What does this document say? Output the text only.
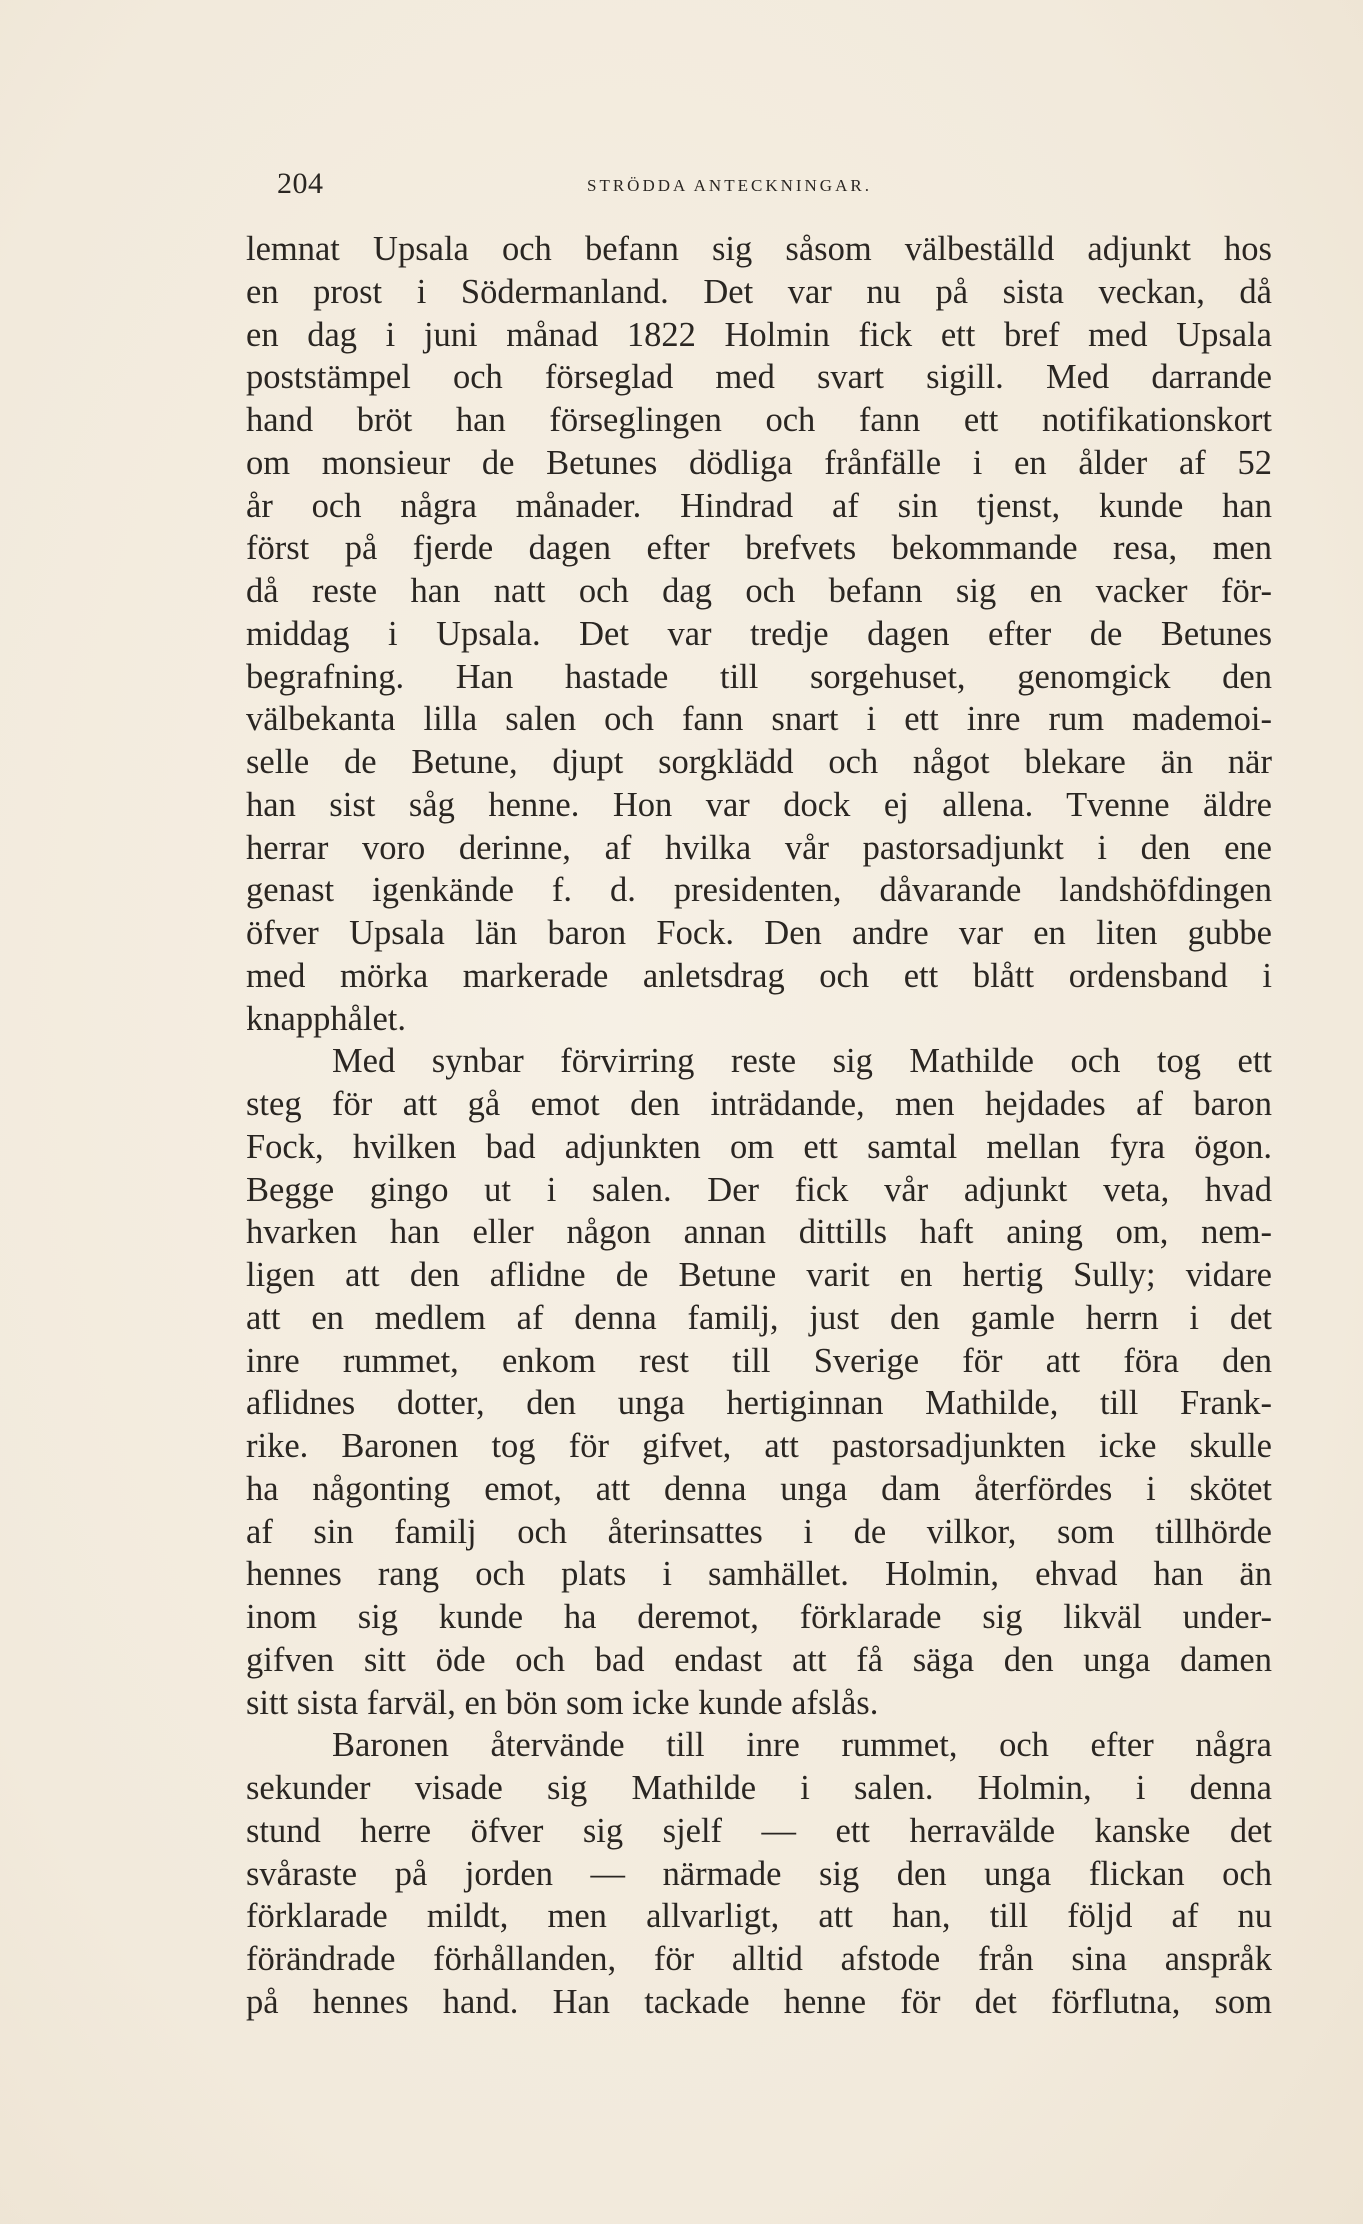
204	STRÖDDA ANTECKNINGAR.
lemnat Upsala och befann sig såsom välbeställd adjunkt hos
en prost i Södermanland. Det var nu på sista veckan, då
en dag i juni månad 1822 Holmin fick ett bref med Upsala
poststämpel och förseglad med svart sigill. Med darrande
hand bröt han förseglingen och fann ett notifikationskort
om monsieur de Betunes dödliga frånfälle i en ålder af 52
år och några månader. Hindrad af sin tjenst, kunde han
först på fjerde dagen efter brefvets bekommande resa, men
då reste han natt och dag och befann sig en vacker för-
middag i Upsala. Det var tredje dagen efter de Betunes
begrafning. Han hastade till sorgehuset, genomgick den
välbekanta lilla salen och fann snart i ett inre rum mademoi-
selle de Betune, djupt sorgklädd och något blekare än när
han sist såg henne. Hon var dock ej allena. Tvenne äldre
herrar voro derinne, af hvilka vår pastorsadjunkt i den ene
genast igenkände f. d. presidenten, dåvarande landshöfdingen
öfver Upsala län baron Fock. Den andre var en liten gubbe
med mörka markerade anletsdrag och ett blått ordensband i
knapphålet.
Med synbar förvirring reste sig Mathilde och tog ett
steg för att gå emot den inträdande, men hejdades af baron
Fock, hvilken bad adjunkten om ett samtal mellan fyra ögon.
Begge gingo ut i salen. Der fick vår adjunkt veta, hvad
hvarken han eller någon annan dittills haft aning om, nem-
ligen att den aflidne de Betune varit en hertig Sully; vidare
att en medlem af denna familj, just den gamle herrn i det
inre rummet, enkom rest till Sverige för att föra den
aflidnes dotter, den unga hertiginnan Mathilde, till Frank-
rike. Baronen tog för gifvet, att pastorsadjunkten icke skulle
ha någonting emot, att denna unga dam återfördes i skötet
af sin familj och återinsattes i de vilkor, som tillhörde
hennes rang och plats i samhället. Holmin, ehvad han än
inom sig kunde ha deremot, förklarade sig likväl under-
gifven sitt öde och bad endast att få säga den unga damen
sitt sista farväl, en bön som icke kunde afslås.
Baronen återvände till inre rummet, och efter några
sekunder visade sig Mathilde i salen. Holmin, i denna
stund herre öfver sig sjelf — ett herravälde kanske det
svåraste på jorden — närmade sig den unga flickan och
förklarade mildt, men allvarligt, att han, till följd af nu
förändrade förhållanden, för alltid afstode från sina anspråk
på hennes hand. Han tackade henne för det förflutna, som
